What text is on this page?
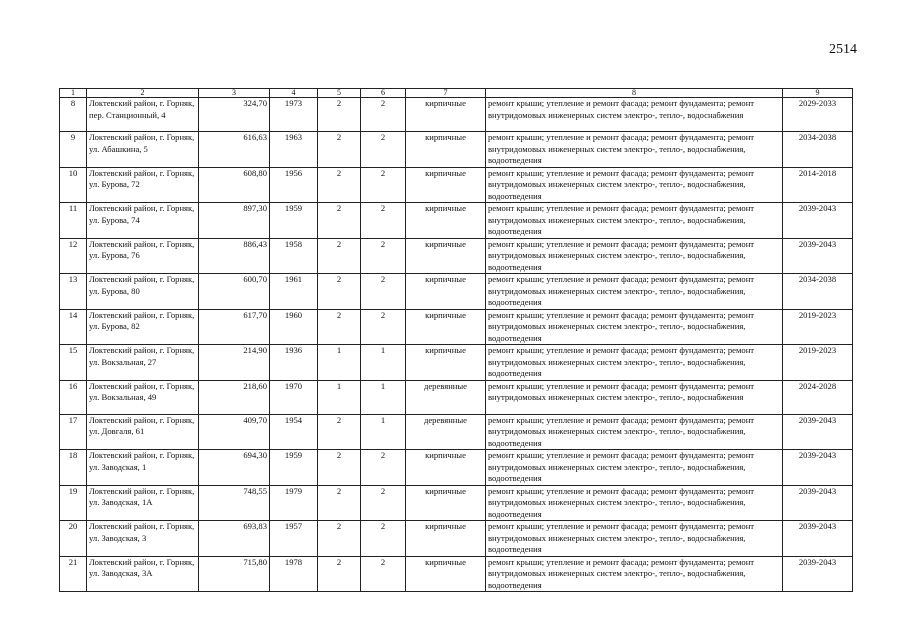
2514
1	2	3	4	5	6	7	8	9
8	Локтевский район, г. Горняк, пер. Станционный, 4	324,70	1973	2	2	кирпичные	ремонт крыши; утепление и ремонт фасада; ремонт фундамента; ремонт внутридомовых инженерных систем электро-, тепло-, водоснабжения	2029-2033
9	Локтевский район, г. Горняк, ул. Абашкина, 5	616,63	1963	2	2	кирпичные	ремонт крыши; утепление и ремонт фасада; ремонт фундамента; ремонт внутридомовых инженерных систем электро-, тепло-, водоснабжения, водоотведения	2034-2038
10	Локтевский район, г. Горняк, ул. Бурова, 72	608,80	1956	2	2	кирпичные	ремонт крыши; утепление и ремонт фасада; ремонт фундамента; ремонт внутридомовых инженерных систем электро-, тепло-, водоснабжения, водоотведения	2014-2018
11	Локтевский район, г. Горняк, ул. Бурова, 74	897,30	1959	2	2	кирпичные	ремонт крыши; утепление и ремонт фасада; ремонт фундамента; ремонт внутридомовых инженерных систем электро-, тепло-, водоснабжения, водоотведения	2039-2043
12	Локтевский район, г. Горняк, ул. Бурова, 76	886,43	1958	2	2	кирпичные	ремонт крыши; утепление и ремонт фасада; ремонт фундамента; ремонт внутридомовых инженерных систем электро-, тепло-, водоснабжения, водоотведения	2039-2043
13	Локтевский район, г. Горняк, ул. Бурова, 80	600,70	1961	2	2	кирпичные	ремонт крыши; утепление и ремонт фасада; ремонт фундамента; ремонт внутридомовых инженерных систем электро-, тепло-, водоснабжения, водоотведения	2034-2038
14	Локтевский район, г. Горняк, ул. Бурова, 82	617,70	1960	2	2	кирпичные	ремонт крыши; утепление и ремонт фасада; ремонт фундамента; ремонт внутридомовых инженерных систем электро-, тепло-, водоснабжения, водоотведения	2019-2023
15	Локтевский район, г. Горняк, ул. Вокзальная, 27	214,90	1936	1	1	кирпичные	ремонт крыши; утепление и ремонт фасада; ремонт фундамента; ремонт внутридомовых инженерных систем электро-, тепло-, водоснабжения, водоотведения	2019-2023
16	Локтевский район, г. Горняк, ул. Вокзальная, 49	218,60	1970	1	1	деревянные	ремонт крыши; утепление и ремонт фасада; ремонт фундамента; ремонт внутридомовых инженерных систем электро-, тепло-, водоснабжения	2024-2028
17	Локтевский район, г. Горняк, ул. Довгаля, 61	409,70	1954	2	1	деревянные	ремонт крыши; утепление и ремонт фасада; ремонт фундамента; ремонт внутридомовых инженерных систем электро-, тепло-, водоснабжения, водоотведения	2039-2043
18	Локтевский район, г. Горняк, ул. Заводская, 1	694,30	1959	2	2	кирпичные	ремонт крыши; утепление и ремонт фасада; ремонт фундамента; ремонт внутридомовых инженерных систем электро-, тепло-, водоснабжения, водоотведения	2039-2043
19	Локтевский район, г. Горняк, ул. Заводская, 1А	748,55	1979	2	2	кирпичные	ремонт крыши; утепление и ремонт фасада; ремонт фундамента; ремонт внутридомовых инженерных систем электро-, тепло-, водоснабжения, водоотведения	2039-2043
20	Локтевский район, г. Горняк, ул. Заводская, 3	693,83	1957	2	2	кирпичные	ремонт крыши; утепление и ремонт фасада; ремонт фундамента; ремонт внутридомовых инженерных систем электро-, тепло-, водоснабжения, водоотведения	2039-2043
21	Локтевский район, г. Горняк, ул. Заводская, 3А	715,80	1978	2	2	кирпичные	ремонт крыши; утепление и ремонт фасада; ремонт фундамента; ремонт внутридомовых инженерных систем электро-, тепло-, водоснабжения, водоотведения	2039-2043
